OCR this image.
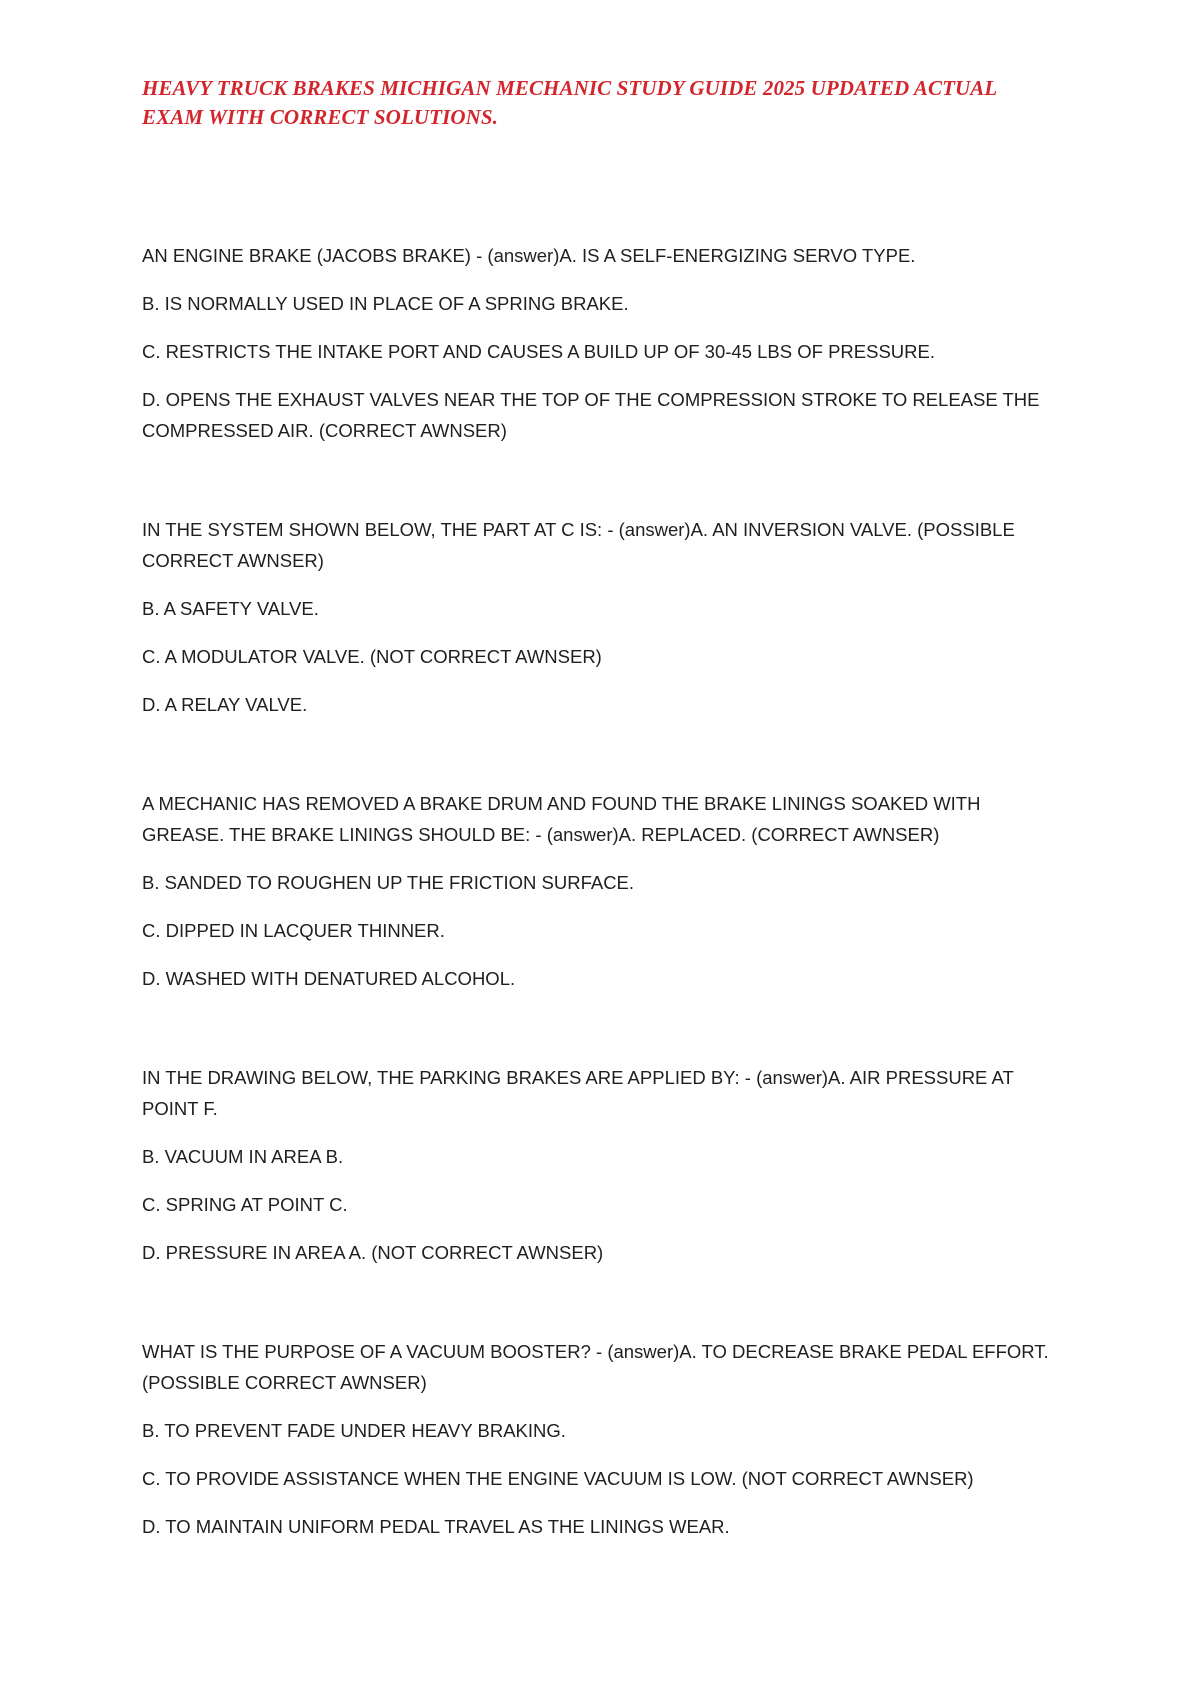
HEAVY TRUCK BRAKES MICHIGAN MECHANIC STUDY GUIDE 2025 UPDATED ACTUAL EXAM WITH CORRECT SOLUTIONS.

AN ENGINE BRAKE (JACOBS BRAKE) - (answer)A. IS A SELF-ENERGIZING SERVO TYPE.

B. IS NORMALLY USED IN PLACE OF A SPRING BRAKE.

C. RESTRICTS THE INTAKE PORT AND CAUSES A BUILD UP OF 30-45 LBS OF PRESSURE.

D. OPENS THE EXHAUST VALVES NEAR THE TOP OF THE COMPRESSION STROKE TO RELEASE THE COMPRESSED AIR. (CORRECT AWNSER)

IN THE SYSTEM SHOWN BELOW, THE PART AT C IS: - (answer)A. AN INVERSION VALVE. (POSSIBLE CORRECT AWNSER)

B. A SAFETY VALVE.

C. A MODULATOR VALVE. (NOT CORRECT AWNSER)

D. A RELAY VALVE.

A MECHANIC HAS REMOVED A BRAKE DRUM AND FOUND THE BRAKE LININGS SOAKED WITH GREASE. THE BRAKE LININGS SHOULD BE: - (answer)A. REPLACED. (CORRECT AWNSER)

B. SANDED TO ROUGHEN UP THE FRICTION SURFACE.

C. DIPPED IN LACQUER THINNER.

D. WASHED WITH DENATURED ALCOHOL.

IN THE DRAWING BELOW, THE PARKING BRAKES ARE APPLIED BY: - (answer)A. AIR PRESSURE AT POINT F.

B. VACUUM IN AREA B.

C. SPRING AT POINT C.

D. PRESSURE IN AREA A. (NOT CORRECT AWNSER)

WHAT IS THE PURPOSE OF A VACUUM BOOSTER? - (answer)A. TO DECREASE BRAKE PEDAL EFFORT. (POSSIBLE CORRECT AWNSER)

B. TO PREVENT FADE UNDER HEAVY BRAKING.

C. TO PROVIDE ASSISTANCE WHEN THE ENGINE VACUUM IS LOW. (NOT CORRECT AWNSER)

D. TO MAINTAIN UNIFORM PEDAL TRAVEL AS THE LININGS WEAR.
